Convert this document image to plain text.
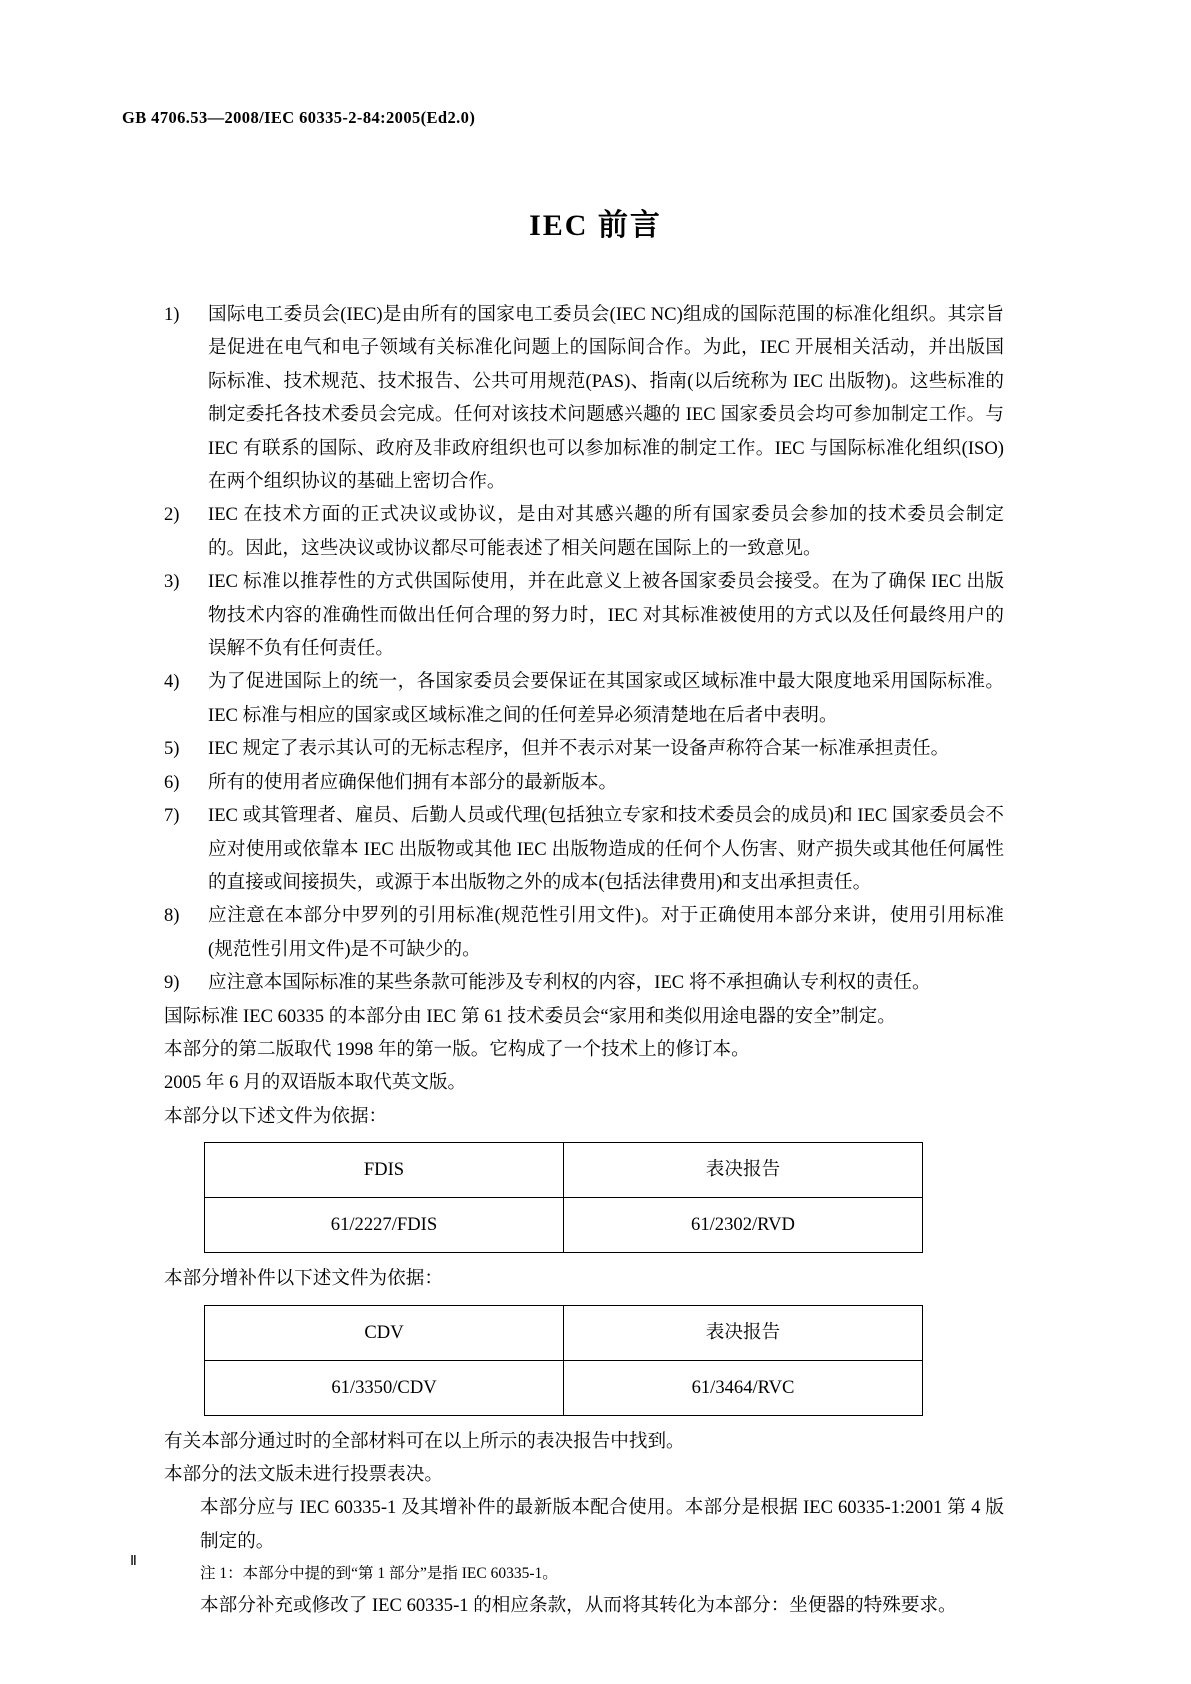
GB 4706.53—2008/IEC 60335-2-84:2005(Ed2.0)
IEC 前言
1)	国际电工委员会(IEC)是由所有的国家电工委员会(IEC NC)组成的国际范围的标准化组织。其宗旨是促进在电气和电子领域有关标准化问题上的国际间合作。为此，IEC 开展相关活动，并出版国际标准、技术规范、技术报告、公共可用规范(PAS)、指南(以后统称为 IEC 出版物)。这些标准的制定委托各技术委员会完成。任何对该技术问题感兴趣的 IEC 国家委员会均可参加制定工作。与 IEC 有联系的国际、政府及非政府组织也可以参加标准的制定工作。IEC 与国际标准化组织(ISO)在两个组织协议的基础上密切合作。
2)	IEC 在技术方面的正式决议或协议，是由对其感兴趣的所有国家委员会参加的技术委员会制定的。因此，这些决议或协议都尽可能表述了相关问题在国际上的一致意见。
3)	IEC 标准以推荐性的方式供国际使用，并在此意义上被各国家委员会接受。在为了确保 IEC 出版物技术内容的准确性而做出任何合理的努力时，IEC 对其标准被使用的方式以及任何最终用户的误解不负有任何责任。
4)	为了促进国际上的统一，各国家委员会要保证在其国家或区域标准中最大限度地采用国际标准。IEC 标准与相应的国家或区域标准之间的任何差异必须清楚地在后者中表明。
5)	IEC 规定了表示其认可的无标志程序，但并不表示对某一设备声称符合某一标准承担责任。
6)	所有的使用者应确保他们拥有本部分的最新版本。
7)	IEC 或其管理者、雇员、后勤人员或代理(包括独立专家和技术委员会的成员)和 IEC 国家委员会不应对使用或依靠本 IEC 出版物或其他 IEC 出版物造成的任何个人伤害、财产损失或其他任何属性的直接或间接损失，或源于本出版物之外的成本(包括法律费用)和支出承担责任。
8)	应注意在本部分中罗列的引用标准(规范性引用文件)。对于正确使用本部分来讲，使用引用标准(规范性引用文件)是不可缺少的。
9)	应注意本国际标准的某些条款可能涉及专利权的内容，IEC 将不承担确认专利权的责任。

国际标准 IEC 60335 的本部分由 IEC 第 61 技术委员会“家用和类似用途电器的安全”制定。

本部分的第二版取代 1998 年的第一版。它构成了一个技术上的修订本。

2005 年 6 月的双语版本取代英文版。

本部分以下述文件为依据：

FDIS	表决报告
61/2227/FDIS	61/2302/RVD

本部分增补件以下述文件为依据：

CDV	表决报告
61/3350/CDV	61/3464/RVC

有关本部分通过时的全部材料可在以上所示的表决报告中找到。

本部分的法文版未进行投票表决。

本部分应与 IEC 60335-1 及其增补件的最新版本配合使用。本部分是根据 IEC 60335-1:2001 第 4 版制定的。

注 1：本部分中提的到“第 1 部分”是指 IEC 60335-1。

本部分补充或修改了 IEC 60335-1 的相应条款，从而将其转化为本部分：坐便器的特殊要求。

Ⅱ
